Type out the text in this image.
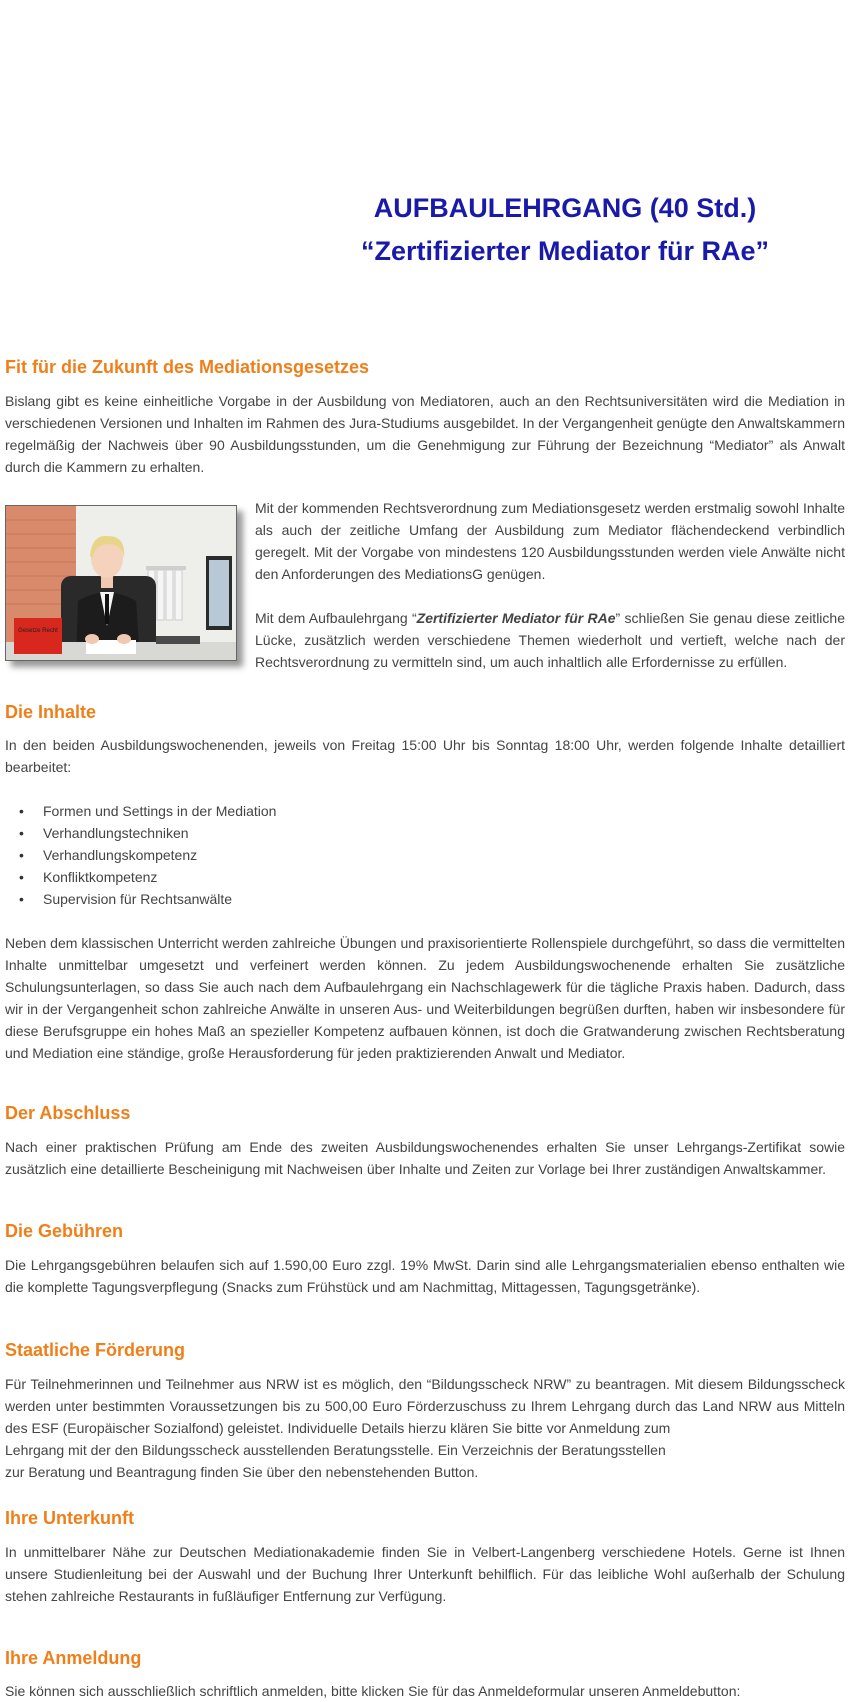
AUFBAULEHRGANG (40 Std.)
“Zertifizierter Mediator für RAe”
Fit für die Zukunft des Mediationsgesetzes

Bislang gibt es keine einheitliche Vorgabe in der Ausbildung von Mediatoren, auch an den Rechtsuniversitäten wird die Mediation in verschiedenen Versionen und Inhalten im Rahmen des Jura-Studiums ausgebildet. In der Vergangenheit genügte den Anwaltskammern regelmäßig der Nachweis über 90 Ausbildungsstunden, um die Genehmigung zur Führung der Bezeichnung “Mediator” als Anwalt durch die Kammern zu erhalten.

Gesetze Recht

Mit der kommenden Rechtsverordnung zum Mediationsgesetz werden erstmalig sowohl Inhalte als auch der zeitliche Umfang der Ausbildung zum Mediator flächendeckend verbindlich geregelt. Mit der Vorgabe von mindestens 120 Ausbildungsstunden werden viele Anwälte nicht den Anforderungen des MediationsG genügen.

Mit dem Aufbaulehrgang “Zertifizierter Mediator für RAe” schließen Sie genau diese zeitliche Lücke, zusätzlich werden verschiedene Themen wiederholt und vertieft, welche nach der Rechtsverordnung zu vermitteln sind, um auch inhaltlich alle Erfordernisse zu erfüllen.

Die Inhalte

In den beiden Ausbildungswochenenden, jeweils von Freitag 15:00 Uhr bis Sonntag 18:00 Uhr, werden folgende Inhalte detailliert bearbeitet:

• Formen und Settings in der Mediation
• Verhandlungstechniken
• Verhandlungskompetenz
• Konfliktkompetenz
• Supervision für Rechtsanwälte

Neben dem klassischen Unterricht werden zahlreiche Übungen und praxisorientierte Rollenspiele durchgeführt, so dass die vermittelten Inhalte unmittelbar umgesetzt und verfeinert werden können. Zu jedem Ausbildungswochenende erhalten Sie zusätzliche Schulungsunterlagen, so dass Sie auch nach dem Aufbaulehrgang ein Nachschlagewerk für die tägliche Praxis haben. Dadurch, dass wir in der Vergangenheit schon zahlreiche Anwälte in unseren Aus- und Weiterbildungen begrüßen durften, haben wir insbesondere für diese Berufsgruppe ein hohes Maß an spezieller Kompetenz aufbauen können, ist doch die Gratwanderung zwischen Rechtsberatung und Mediation eine ständige, große Herausforderung für jeden praktizierenden Anwalt und Mediator.

Der Abschluss

Nach einer praktischen Prüfung am Ende des zweiten Ausbildungswochenendes erhalten Sie unser Lehrgangs-Zertifikat sowie zusätzlich eine detaillierte Bescheinigung mit Nachweisen über Inhalte und Zeiten zur Vorlage bei Ihrer zuständigen Anwaltskammer.

Die Gebühren

Die Lehrgangsgebühren belaufen sich auf 1.590,00 Euro zzgl. 19% MwSt. Darin sind alle Lehrgangsmaterialien ebenso enthalten wie die komplette Tagungsverpflegung (Snacks zum Frühstück und am Nachmittag, Mittagessen, Tagungsgetränke).

Staatliche Förderung

Für Teilnehmerinnen und Teilnehmer aus NRW ist es möglich, den “Bildungsscheck NRW” zu beantragen. Mit diesem Bildungsscheck werden unter bestimmten Voraussetzungen bis zu 500,00 Euro Förderzuschuss zu Ihrem Lehrgang durch das Land NRW aus Mitteln des ESF (Europäischer Sozialfond) geleistet. Individuelle Details hierzu klären Sie bitte vor Anmeldung zum

Lehrgang mit der den Bildungsscheck ausstellenden Beratungsstelle. Ein Verzeichnis der Beratungsstellen

zur Beratung und Beantragung finden Sie über den nebenstehenden Button.

Ihre Unterkunft

In unmittelbarer Nähe zur Deutschen Mediationakademie finden Sie in Velbert-Langenberg verschiedene Hotels. Gerne ist Ihnen unsere Studienleitung bei der Auswahl und der Buchung Ihrer Unterkunft behilflich. Für das leibliche Wohl außerhalb der Schulung stehen zahlreiche Restaurants in fußläufiger Entfernung zur Verfügung.

Ihre Anmeldung

Sie können sich ausschließlich schriftlich anmelden, bitte klicken Sie für das Anmeldeformular unseren Anmeldebutton:
